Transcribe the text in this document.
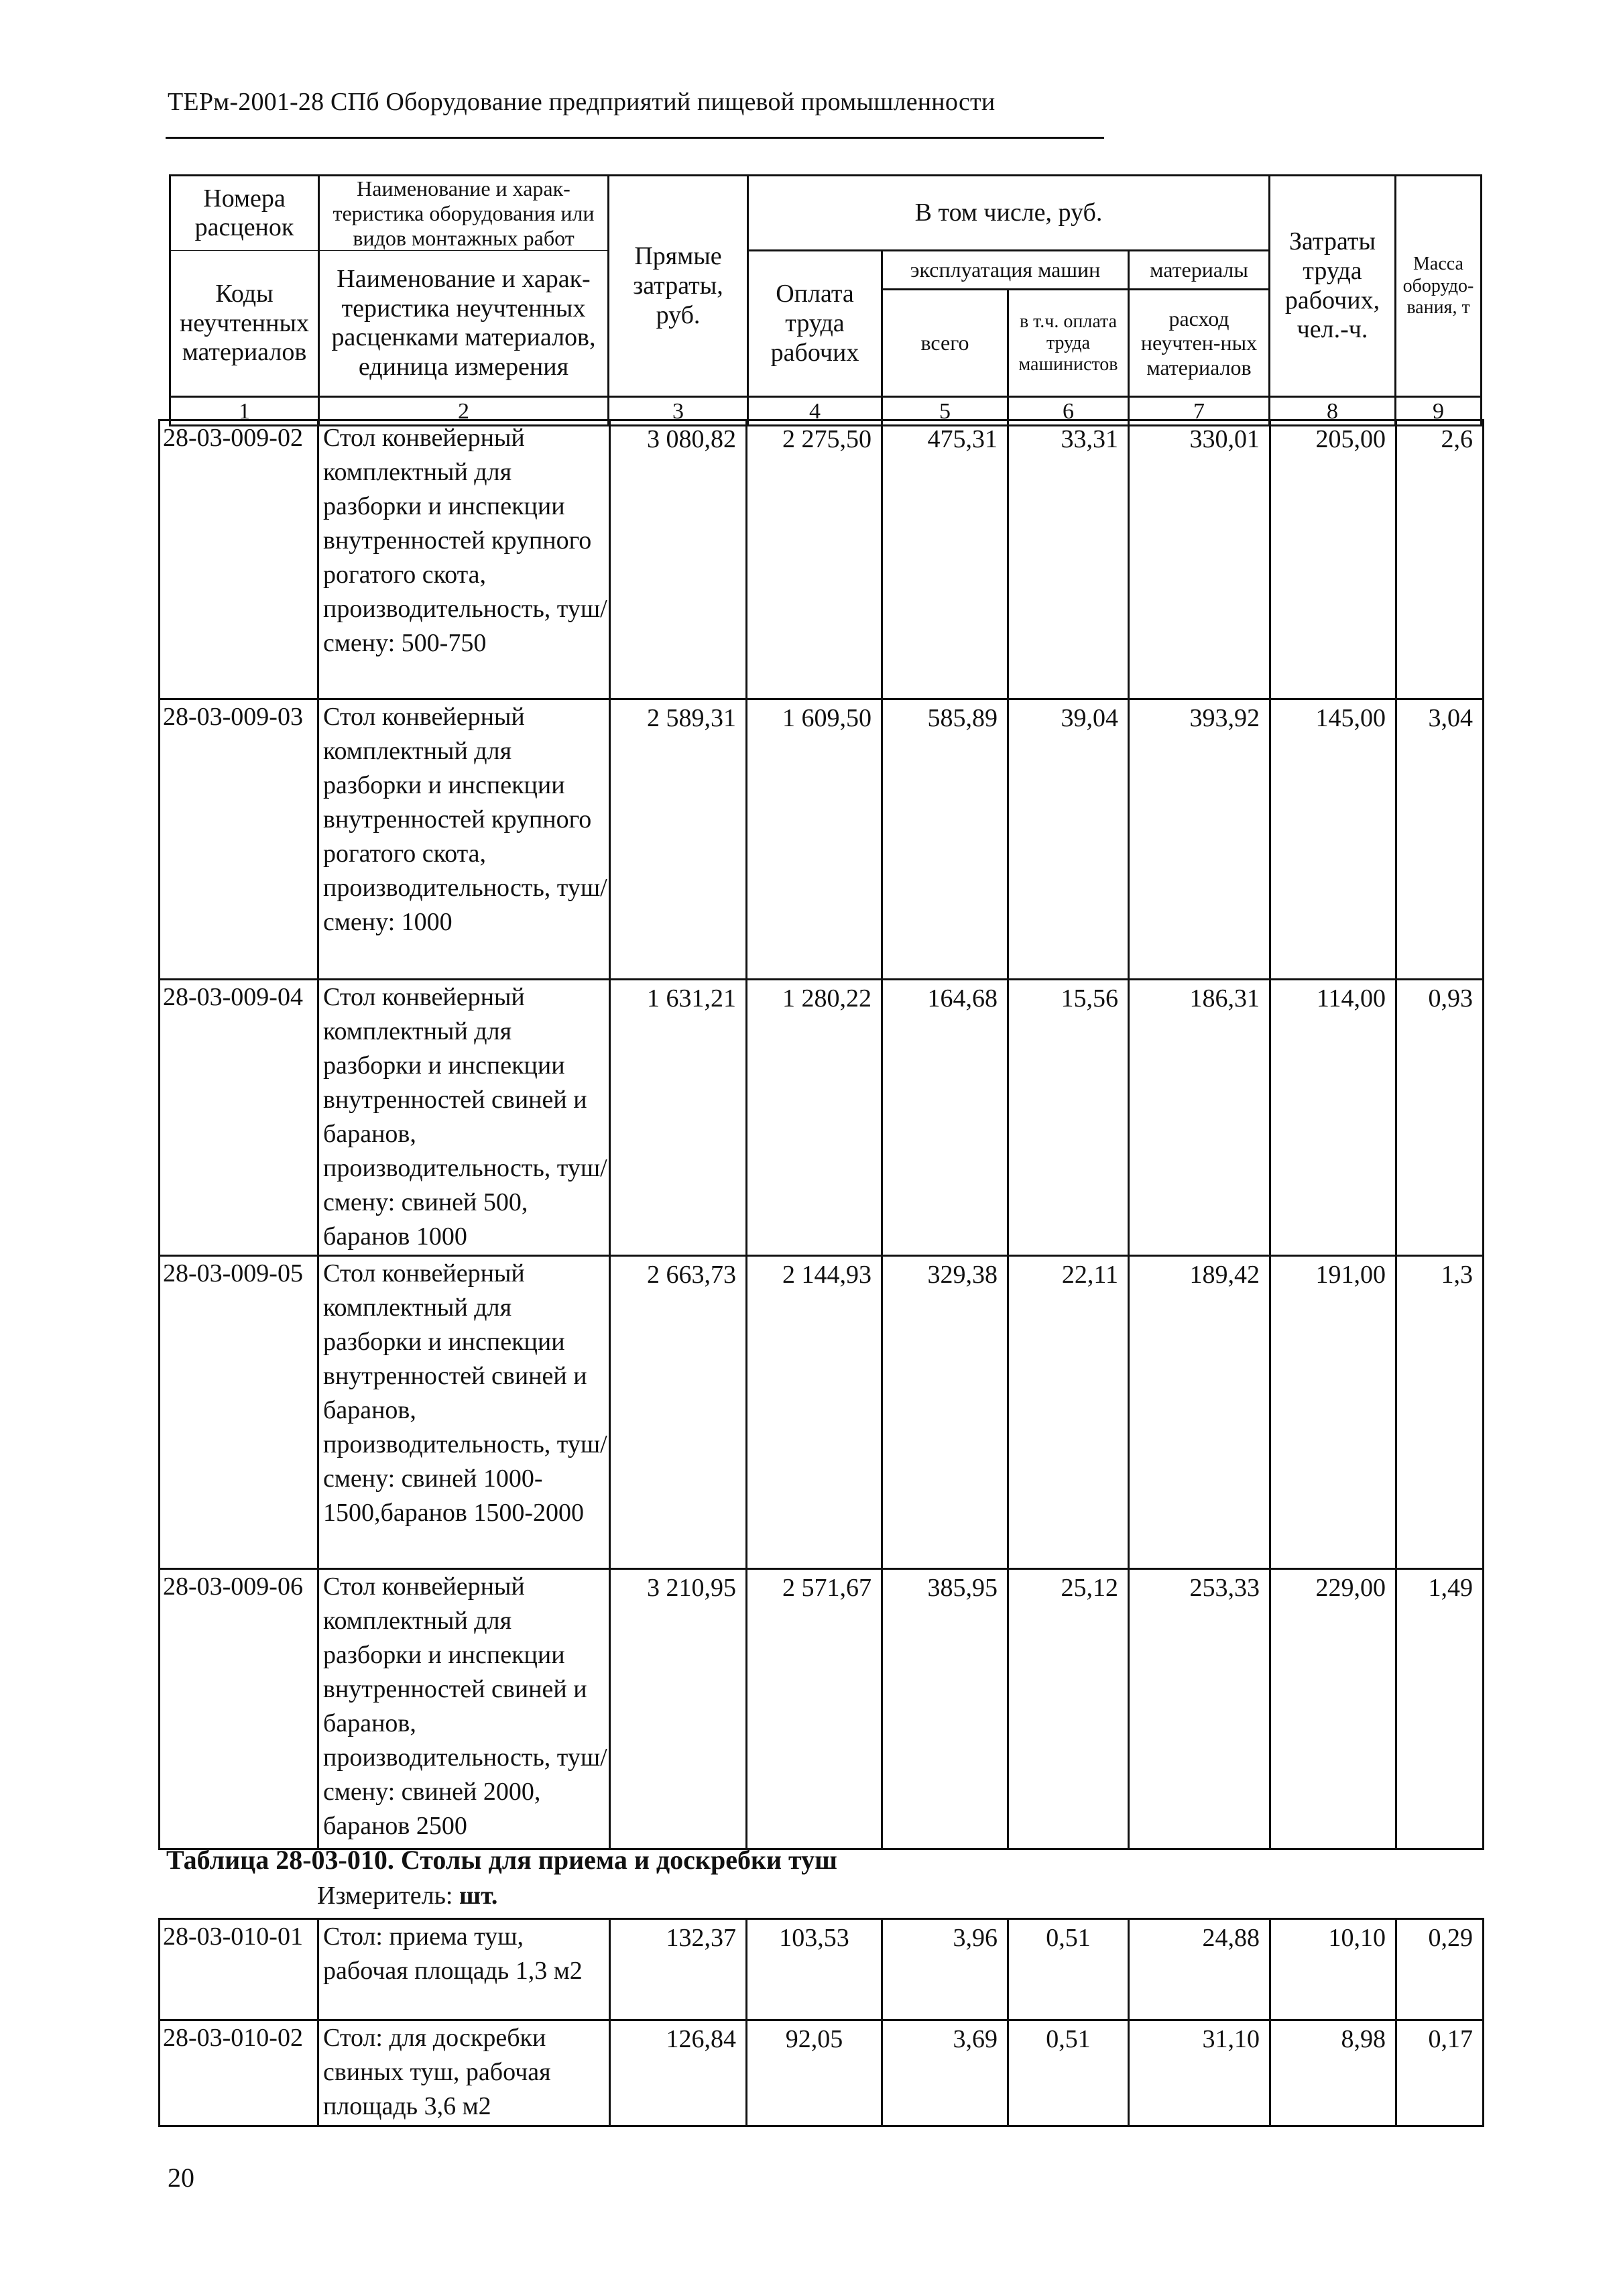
ТЕРм-2001-28 СПб Оборудование предприятий пищевой промышленности
Номера расценок	Наименование и харак-теристика оборудования или видов монтажных работ	Прямые затраты, руб.	В том числе, руб.				Затраты труда рабочих, чел.-ч.	Масса оборудо-вания, т
Коды неучтенных материалов	Наименование и харак-теристика неучтенных расценками материалов, единица измерения		Оплата труда рабочих	эксплуатация машин		материалы		
				всего	в т.ч. оплата труда машинистов	расход неучтен-ных материалов		
1	2	3	4	5	6	7	8	9
28-03-009-02	Стол конвейерный комплектный для разборки и инспекции внутренностей крупного рогатого скота, производительность, туш/смену: 500-750	3 080,82	2 275,50	475,31	33,31	330,01	205,00	2,6
28-03-009-03	Стол конвейерный комплектный для разборки и инспекции внутренностей крупного рогатого скота, производительность, туш/смену: 1000	2 589,31	1 609,50	585,89	39,04	393,92	145,00	3,04
28-03-009-04	Стол конвейерный комплектный для разборки и инспекции внутренностей свиней и баранов, производительность, туш/смену: свиней 500, баранов 1000	1 631,21	1 280,22	164,68	15,56	186,31	114,00	0,93
28-03-009-05	Стол конвейерный комплектный для разборки и инспекции внутренностей свиней и баранов, производительность, туш/смену: свиней 1000-1500,баранов 1500-2000	2 663,73	2 144,93	329,38	22,11	189,42	191,00	1,3
28-03-009-06	Стол конвейерный комплектный для разборки и инспекции внутренностей свиней и баранов, производительность, туш/смену: свиней 2000, баранов 2500	3 210,95	2 571,67	385,95	25,12	253,33	229,00	1,49
Таблица 28-03-010. Столы для приема и доскребки туш
Измеритель: шт.
28-03-010-01	Стол: приема туш, рабочая площадь 1,3 м2	132,37	103,53	3,96	0,51	24,88	10,10	0,29
28-03-010-02	Стол: для доскребки свиных туш, рабочая площадь 3,6 м2	126,84	92,05	3,69	0,51	31,10	8,98	0,17
20
